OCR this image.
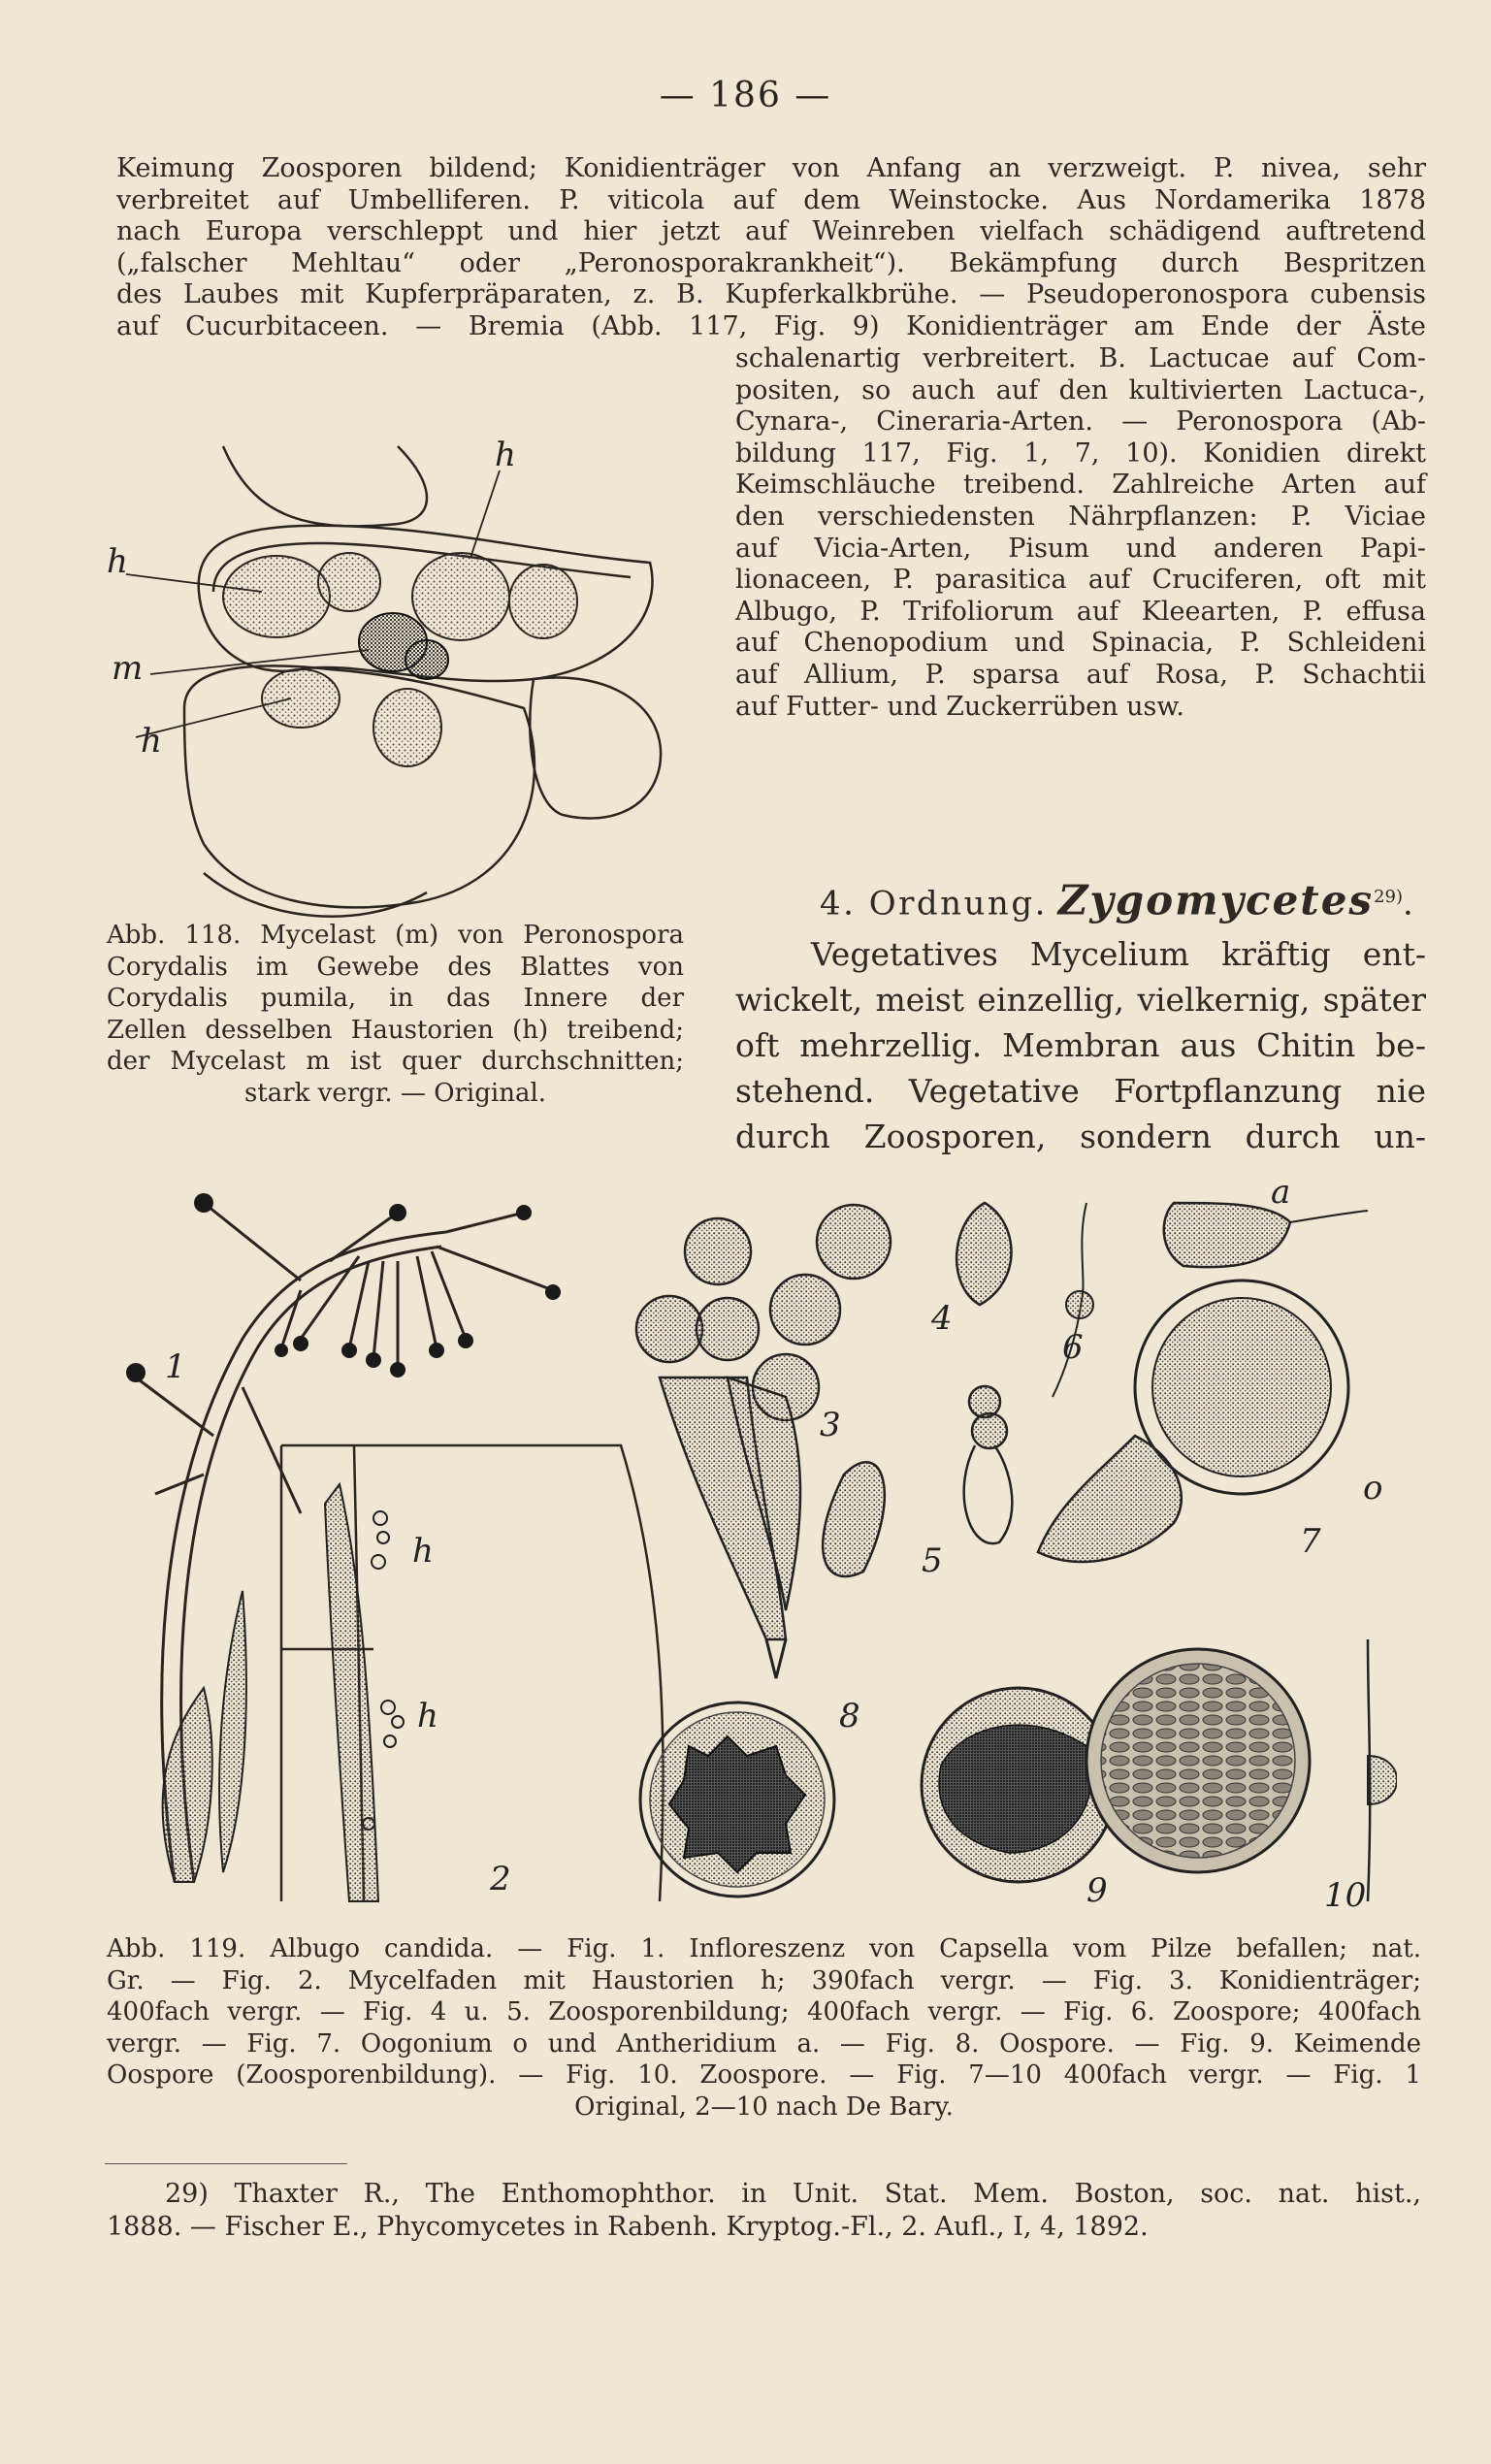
— 186 —

Keimung Zoosporen bildend; Konidienträger von Anfang an verzweigt. P. nivea, sehr

verbreitet auf Umbelliferen. P. viticola auf dem Weinstocke. Aus Nordamerika 1878

nach Europa verschleppt und hier jetzt auf Weinreben vielfach schädigend auftretend

(„falscher Mehltau“ oder „Peronosporakrankheit“). Bekämpfung durch Bespritzen

des Laubes mit Kupferpräparaten, z. B. Kupferkalkbrühe. — Pseudoperonospora cubensis

auf Cucurbitaceen. — Bremia (Abb. 117, Fig. 9) Konidienträger am Ende der Äste

schalenartig verbreitert. B. Lactucae auf Com-

positen, so auch auf den kultivierten Lactuca-,

Cynara-, Cineraria-Arten. — Peronospora (Ab-

bildung 117, Fig. 1, 7, 10). Konidien direkt

Keimschläuche treibend. Zahlreiche Arten auf

den verschiedensten Nährpflanzen: P. Viciae

auf Vicia-Arten, Pisum und anderen Papi-

lionaceen, P. parasitica auf Cruciferen, oft mit

Albugo, P. Trifoliorum auf Kleearten, P. effusa

auf Chenopodium und Spinacia, P. Schleideni

auf Allium, P. sparsa auf Rosa, P. Schachtii

auf Futter- und Zuckerrüben usw.

4. Ordnung. Zygomycetes$^{29)}$.

Vegetatives Mycelium kräftig ent-

wickelt, meist einzellig, vielkernig, später

oft mehrzellig. Membran aus Chitin be-

stehend. Vegetative Fortpflanzung nie

durch Zoosporen, sondern durch un-

h
h
m
h

Abb. 118. Mycelast (m) von Peronospora

Corydalis im Gewebe des Blattes von

Corydalis pumila, in das Innere der

Zellen desselben Haustorien (h) treibend;

der Mycelast m ist quer durchschnitten;

stark vergr. — Original.

1
2
3
4
5
6
7
8
9	10
h
h
a
o

Abb. 119. Albugo candida. — Fig. 1. Infloreszenz von Capsella vom Pilze befallen; nat.

Gr. — Fig. 2. Mycelfaden mit Haustorien h; 390fach vergr. — Fig. 3. Konidienträger;

400fach vergr. — Fig. 4 u. 5. Zoosporenbildung; 400fach vergr. — Fig. 6. Zoospore; 400fach

vergr. — Fig. 7. Oogonium o und Antheridium a. — Fig. 8. Oospore. — Fig. 9. Keimende

Oospore (Zoosporenbildung). — Fig. 10. Zoospore. — Fig. 7—10 400fach vergr. — Fig. 1

Original, 2—10 nach De Bary.

29) Thaxter R., The Enthomophthor. in Unit. Stat. Mem. Boston, soc. nat. hist.,

1888. — Fischer E., Phycomycetes in Rabenh. Kryptog.-Fl., 2. Aufl., I, 4, 1892.
